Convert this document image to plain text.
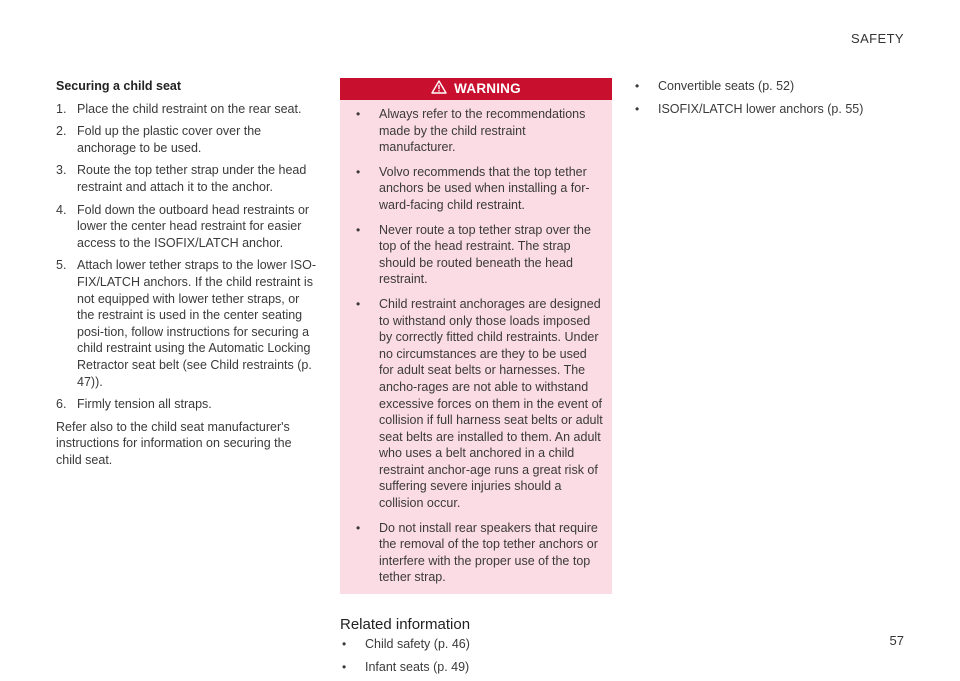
SAFETY
Securing a child seat
1. Place the child restraint on the rear seat.
2. Fold up the plastic cover over the anchorage to be used.
3. Route the top tether strap under the head restraint and attach it to the anchor.
4. Fold down the outboard head restraints or lower the center head restraint for easier access to the ISOFIX/LATCH anchor.
5. Attach lower tether straps to the lower ISO-FIX/LATCH anchors. If the child restraint is not equipped with lower tether straps, or the restraint is used in the center seating posi-tion, follow instructions for securing a child restraint using the Automatic Locking Retractor seat belt (see Child restraints (p. 47)).
6. Firmly tension all straps.

Refer also to the child seat manufacturer's instructions for information on securing the child seat.

WARNING
• Always refer to the recommendations made by the child restraint manufacturer.
• Volvo recommends that the top tether anchors be used when installing a for-ward-facing child restraint.
• Never route a top tether strap over the top of the head restraint. The strap should be routed beneath the head restraint.
• Child restraint anchorages are designed to withstand only those loads imposed by correctly fitted child restraints. Under no circumstances are they to be used for adult seat belts or harnesses. The ancho-rages are not able to withstand excessive forces on them in the event of collision if full harness seat belts or adult seat belts are installed to them. An adult who uses a belt anchored in a child restraint anchor-age runs a great risk of suffering severe injuries should a collision occur.
• Do not install rear speakers that require the removal of the top tether anchors or interfere with the proper use of the top tether strap.
Related information
• Child safety (p. 46)
• Infant seats (p. 49)
• Convertible seats (p. 52)
• ISOFIX/LATCH lower anchors (p. 55)
57
